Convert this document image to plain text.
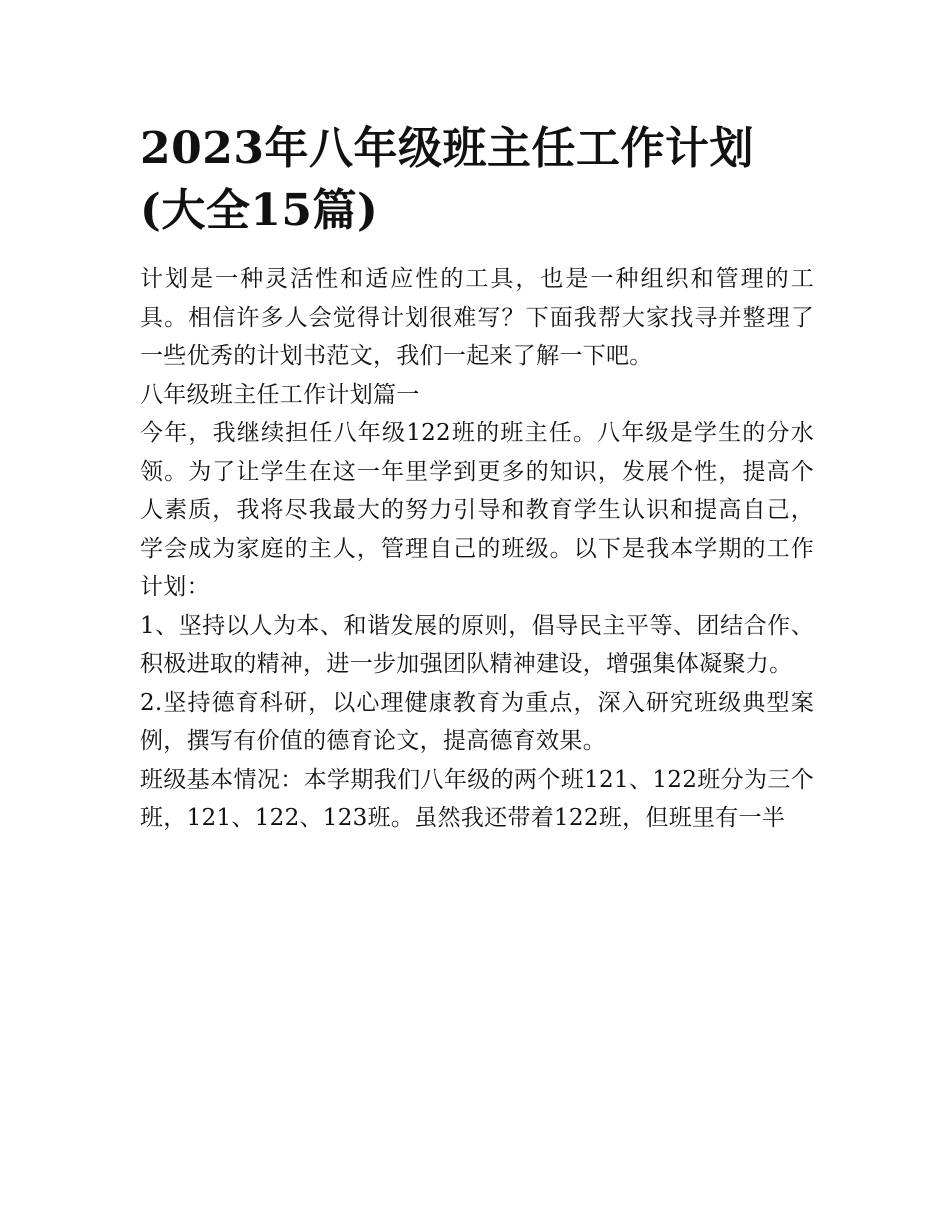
2023年八年级班主任工作计划(大全15篇)

计划是一种灵活性和适应性的工具，也是一种组织和管理的工具。相信许多人会觉得计划很难写？下面我帮大家找寻并整理了一些优秀的计划书范文，我们一起来了解一下吧。

八年级班主任工作计划篇一

今年，我继续担任八年级122班的班主任。八年级是学生的分水领。为了让学生在这一年里学到更多的知识，发展个性，提高个人素质，我将尽我最大的努力引导和教育学生认识和提高自己，学会成为家庭的主人，管理自己的班级。以下是我本学期的工作计划：

1、坚持以人为本、和谐发展的原则，倡导民主平等、团结合作、积极进取的精神，进一步加强团队精神建设，增强集体凝聚力。

2.坚持德育科研，以心理健康教育为重点，深入研究班级典型案例，撰写有价值的德育论文，提高德育效果。

班级基本情况：本学期我们八年级的两个班121、122班分为三个班，121、122、123班。虽然我还带着122班，但班里有一半
